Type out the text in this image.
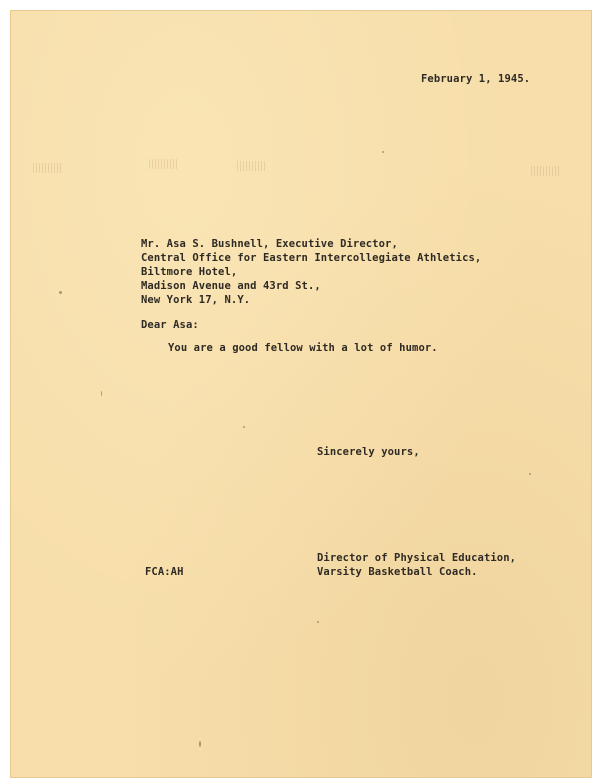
February 1, 1945.
Mr. Asa S. Bushnell, Executive Director,
Central Office for Eastern Intercollegiate Athletics,
Biltmore Hotel,
Madison Avenue and 43rd St.,
New York 17, N.Y.
Dear Asa:
You are a good fellow with a lot of humor.
Sincerely yours,
Director of Physical Education,
Varsity Basketball Coach.
FCA:AH
